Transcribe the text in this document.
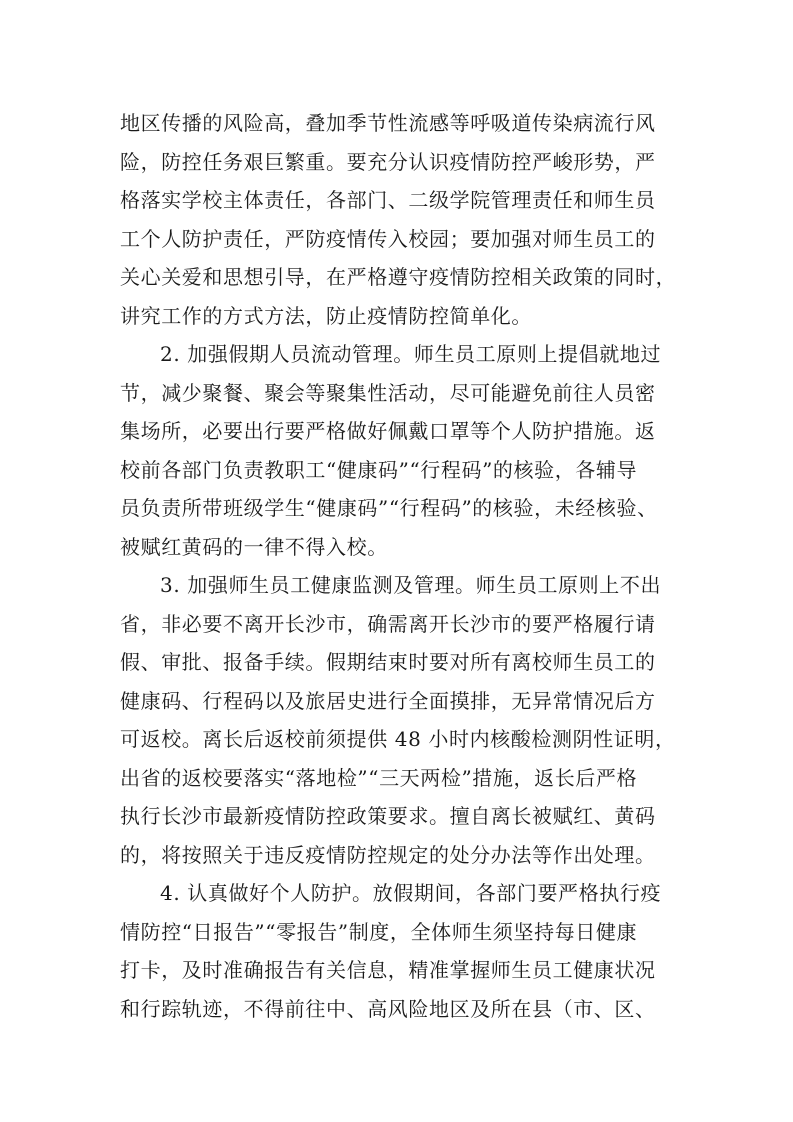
地区传播的风险高，叠加季节性流感等呼吸道传染病流行风
险，防控任务艰巨繁重。要充分认识疫情防控严峻形势，严
格落实学校主体责任，各部门、二级学院管理责任和师生员
工个人防护责任，严防疫情传入校园；要加强对师生员工的
关心关爱和思想引导，在严格遵守疫情防控相关政策的同时，
讲究工作的方式方法，防止疫情防控简单化。
2. 加强假期人员流动管理。师生员工原则上提倡就地过
节，减少聚餐、聚会等聚集性活动，尽可能避免前往人员密
集场所，必要出行要严格做好佩戴口罩等个人防护措施。返
校前各部门负责教职工“健康码”“行程码”的核验，各辅导
员负责所带班级学生“健康码”“行程码”的核验，未经核验、
被赋红黄码的一律不得入校。
3. 加强师生员工健康监测及管理。师生员工原则上不出
省，非必要不离开长沙市，确需离开长沙市的要严格履行请
假、审批、报备手续。假期结束时要对所有离校师生员工的
健康码、行程码以及旅居史进行全面摸排，无异常情况后方
可返校。离长后返校前须提供 48 小时内核酸检测阴性证明，
出省的返校要落实“落地检”“三天两检”措施，返长后严格
执行长沙市最新疫情防控政策要求。擅自离长被赋红、黄码
的，将按照关于违反疫情防控规定的处分办法等作出处理。
4. 认真做好个人防护。放假期间，各部门要严格执行疫
情防控“日报告”“零报告”制度，全体师生须坚持每日健康
打卡，及时准确报告有关信息，精准掌握师生员工健康状况
和行踪轨迹，不得前往中、高风险地区及所在县（市、区、
